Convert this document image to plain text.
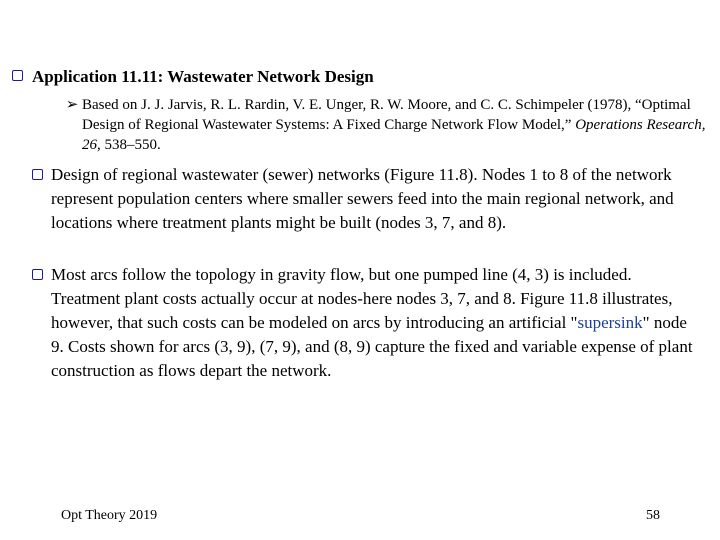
Application 11.11: Wastewater Network Design
➢ Based on J. J. Jarvis, R. L. Rardin, V. E. Unger, R. W. Moore, and C. C. Schimpeler (1978), “Optimal Design of Regional Wastewater Systems: A Fixed Charge Network Flow Model,” Operations Research, 26, 538–550.
Design of regional wastewater (sewer) networks (Figure 11.8). Nodes 1 to 8 of the network represent population centers where smaller sewers feed into the main regional network, and locations where treatment plants might be built (nodes 3, 7, and 8).
Most arcs follow the topology in gravity flow, but one pumped line (4, 3) is included. Treatment plant costs actually occur at nodes-here nodes 3, 7, and 8. Figure 11.8 illustrates, however, that such costs can be modeled on arcs by introducing an artificial "supersink" node 9. Costs shown for arcs (3, 9), (7, 9), and (8, 9) capture the fixed and variable expense of plant construction as flows depart the network.
Opt Theory 2019	58
